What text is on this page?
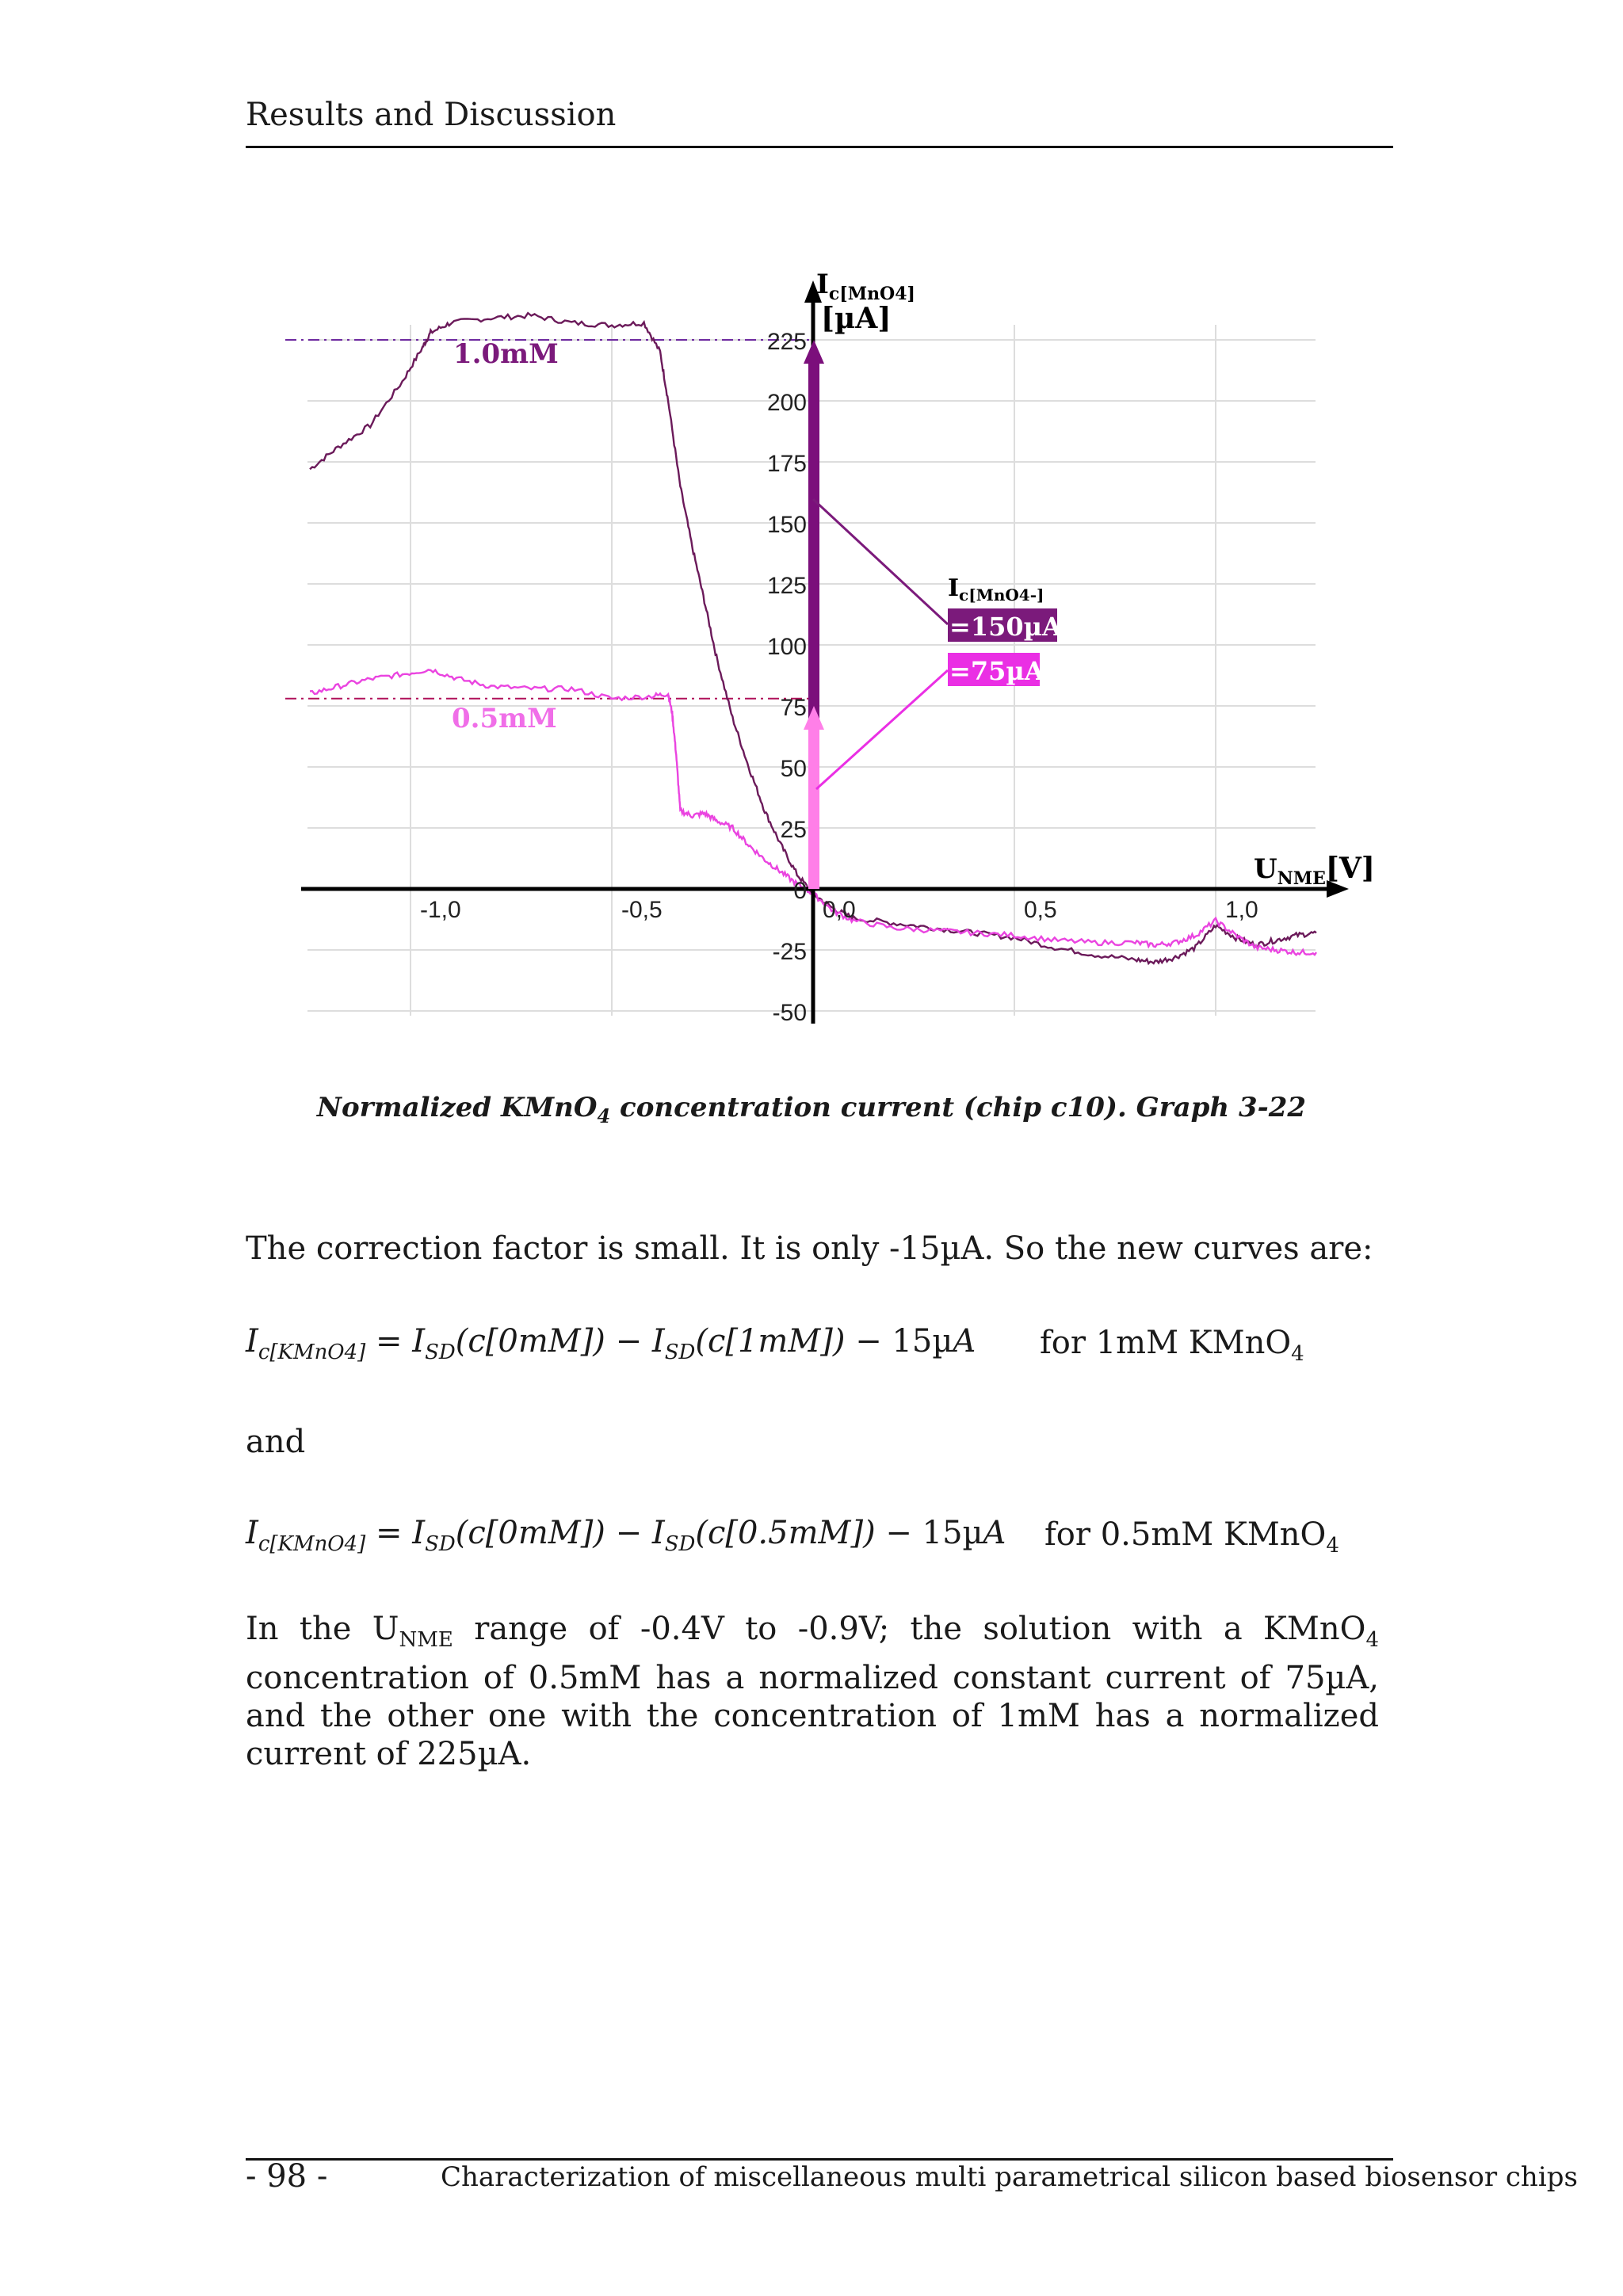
Results and Discussion
225
200
175
150
125
100
75
50
25
0
-25
-50
-1,0	-0,5	0,0	0,5	1,0
$I_{c[MnO4]}$
[µA]
$U_{NME}[V]$
1.0mM
0.5mM
$I_{c[MnO4-]}$
=150µA
=75µA
Normalized KMnO$_4$ concentration current (chip c10). Graph 3-22
The correction factor is small. It is only -15µA. So the new curves are:
$I_{c[KMnO4]} = I_{SD}(c[0mM]) - I_{SD}(c[1mM]) - 15\mu A$ for 1mM KMnO$_4$
and
$I_{c[KMnO4]} = I_{SD}(c[0mM]) - I_{SD}(c[0.5mM]) - 15\mu A$ for 0.5mM KMnO$_4$
In the $U_{NME}$ range of -0.4V to -0.9V; the solution with a KMnO$_4$ concentration of 0.5mM has a normalized constant current of 75µA, and the other one with the concentration of 1mM has a normalized current of 225µA.
- 98 -	Characterization of miscellaneous multi parametrical silicon based biosensor chips
